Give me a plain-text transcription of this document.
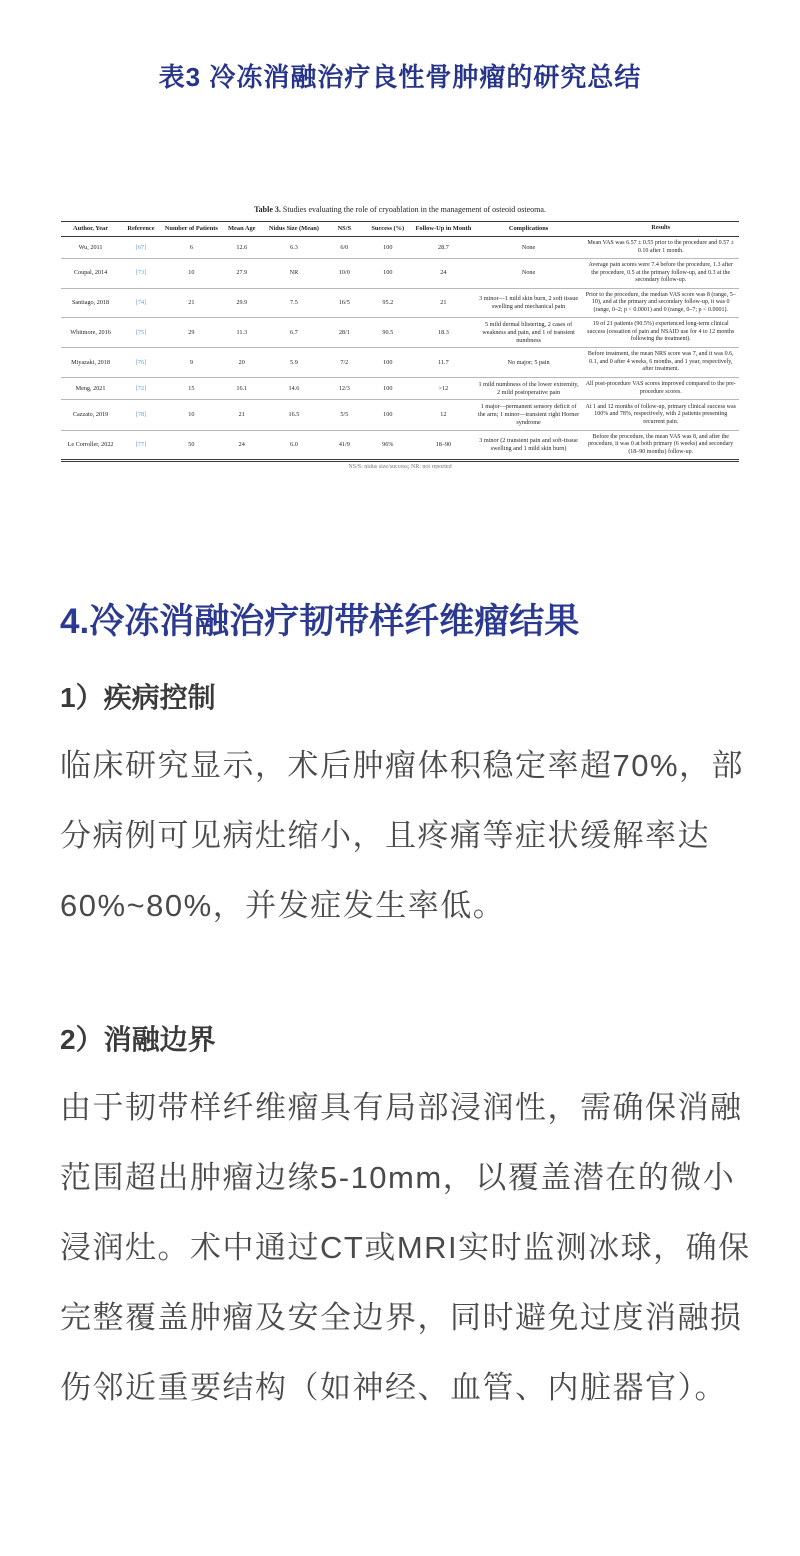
表3 冷冻消融治疗良性骨肿瘤的研究总结
Table 3. Studies evaluating the role of cryoablation in the management of osteoid osteoma.
Author, Year	Reference	Number of Patients	Mean Age	Nidus Size (Mean)	NS/S	Success (%)	Follow-Up in Month	Complications	Results
Wu, 2011	[67]	6	12.6	6.3	6/0	100	28.7	None	Mean VAS was 6.57 ± 0.55 prior to the procedure and 0.57 ± 0.10 after 1 month.
Coupal, 2014	[73]	10	27.9	NR	10/0	100	24	None	Average pain scores were 7.4 before the procedure, 1.3 after the procedure, 0.5 at the primary follow-up, and 0.3 at the secondary follow-up.
Santiago, 2018	[74]	21	29.9	7.5	16/5	95.2	21	3 minor—1 mild skin burn, 2 soft tissue swelling and mechanical pain	Prior to the procedure, the median VAS score was 8 (range, 5–10), and at the primary and secondary follow-up, it was 0 (range, 0–2; p < 0.0001) and 0 (range, 0–7; p < 0.0001).
Whitmore, 2016	[75]	29	11.3	6.7	28/1	90.5	18.3	5 mild dermal blistering, 2 cases of weakness and pain, and 1 of transient numbness	19 of 21 patients (90.5%) experienced long-term clinical success (cessation of pain and NSAID use for 4 to 12 months following the treatment).
Miyazaki, 2018	[76]	9	20	5.9	7/2	100	11.7	No major; 5 pain	Before treatment, the mean NRS score was 7, and it was 0.6, 0.1, and 0 after 4 weeks, 6 months, and 1 year, respectively, after treatment.
Meng, 2021	[72]	15	16.1	14.6	12/3	100	>12	1 mild numbness of the lower extremity, 2 mild postoperative pain	All post-procedure VAS scores improved compared to the pre-procedure scores.
Cazzato, 2019	[78]	10	21	16.5	5/5	100	12	1 major—permanent sensory deficit of the arm; 1 minor—transient right Horner syndrome	At 1 and 12 months of follow-up, primary clinical success was 100% and 78%, respectively, with 2 patients presenting recurrent pain.
Le Corroller, 2022	[77]	50	24	6.0	41/9	96%	18–90	3 minor (2 transient pain and soft-tissue swelling and 1 mild skin burn)	Before the procedure, the mean VAS was 8, and after the procedure, it was 0 at both primary (6 weeks) and secondary (18–90 months) follow-up.
NS/S: nidus size/success; NR: not reported
4.冷冻消融治疗韧带样纤维瘤结果
1）疾病控制
临床研究显示，术后肿瘤体积稳定率超70%，部
分病例可见病灶缩小，且疼痛等症状缓解率达
60%~80%，并发症发生率低。
2）消融边界
由于韧带样纤维瘤具有局部浸润性，需确保消融
范围超出肿瘤边缘5-10mm，以覆盖潜在的微小
浸润灶。术中通过CT或MRI实时监测冰球，确保
完整覆盖肿瘤及安全边界，同时避免过度消融损
伤邻近重要结构（如神经、血管、内脏器官）。
